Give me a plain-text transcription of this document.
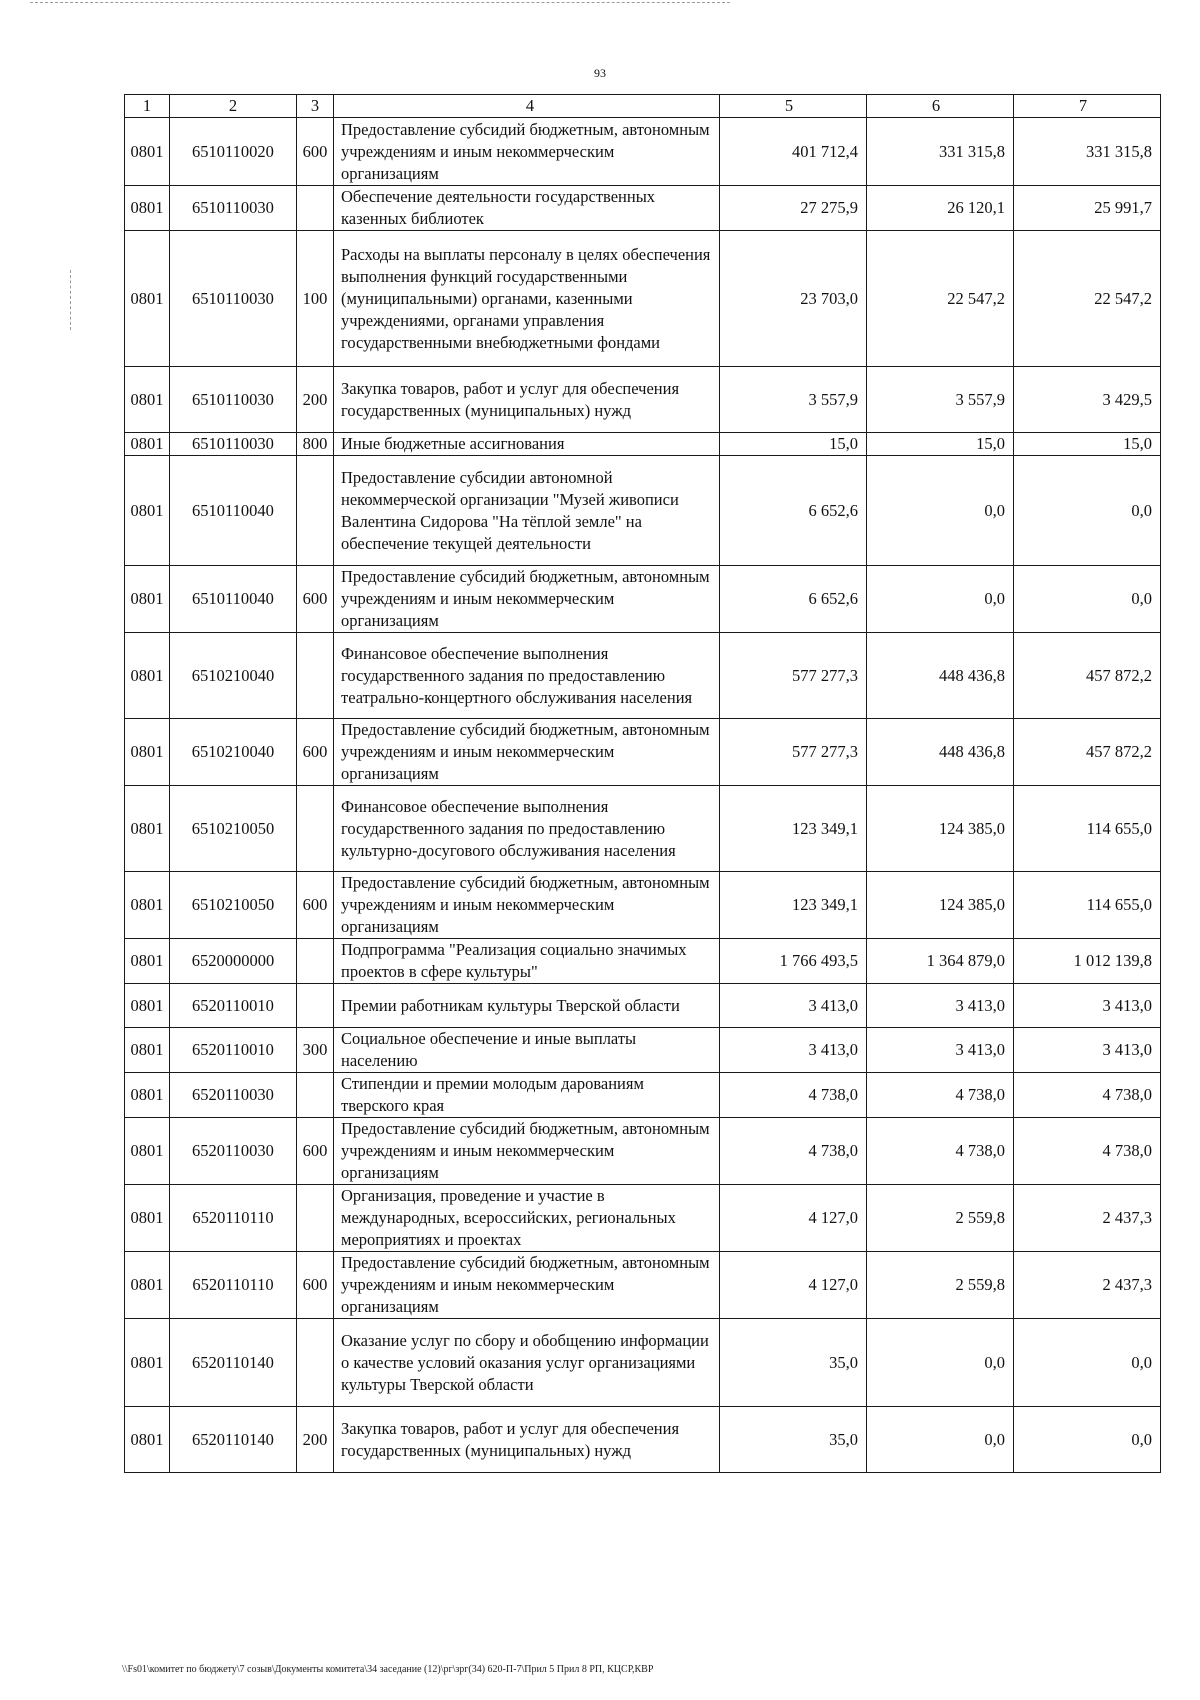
93
1	2	3	4	5	6	7
0801	6510110020	600	Предоставление субсидий бюджетным, автономным учреждениям и иным некоммерческим организациям	401 712,4	331 315,8	331 315,8
0801	6510110030		Обеспечение деятельности государственных казенных библиотек	27 275,9	26 120,1	25 991,7
0801	6510110030	100	Расходы на выплаты персоналу в целях обеспечения выполнения функций государственными (муниципальными) органами, казенными учреждениями, органами управления государственными внебюджетными фондами	23 703,0	22 547,2	22 547,2
0801	6510110030	200	Закупка товаров, работ и услуг для обеспечения государственных (муниципальных) нужд	3 557,9	3 557,9	3 429,5
0801	6510110030	800	Иные бюджетные ассигнования	15,0	15,0	15,0
0801	6510110040		Предоставление субсидии автономной некоммерческой организации "Музей живописи Валентина Сидорова "На тёплой земле" на обеспечение текущей деятельности	6 652,6	0,0	0,0
0801	6510110040	600	Предоставление субсидий бюджетным, автономным учреждениям и иным некоммерческим организациям	6 652,6	0,0	0,0
0801	6510210040		Финансовое обеспечение выполнения государственного задания по предоставлению театрально-концертного обслуживания населения	577 277,3	448 436,8	457 872,2
0801	6510210040	600	Предоставление субсидий бюджетным, автономным учреждениям и иным некоммерческим организациям	577 277,3	448 436,8	457 872,2
0801	6510210050		Финансовое обеспечение выполнения государственного задания по предоставлению культурно-досугового обслуживания населения	123 349,1	124 385,0	114 655,0
0801	6510210050	600	Предоставление субсидий бюджетным, автономным учреждениям и иным некоммерческим организациям	123 349,1	124 385,0	114 655,0
0801	6520000000		Подпрограмма "Реализация социально значимых проектов в сфере культуры"	1 766 493,5	1 364 879,0	1 012 139,8
0801	6520110010		Премии работникам культуры Тверской области	3 413,0	3 413,0	3 413,0
0801	6520110010	300	Социальное обеспечение и иные выплаты населению	3 413,0	3 413,0	3 413,0
0801	6520110030		Стипендии и премии молодым дарованиям тверского края	4 738,0	4 738,0	4 738,0
0801	6520110030	600	Предоставление субсидий бюджетным, автономным учреждениям и иным некоммерческим организациям	4 738,0	4 738,0	4 738,0
0801	6520110110		Организация, проведение и участие в международных, всероссийских, региональных мероприятиях и проектах	4 127,0	2 559,8	2 437,3
0801	6520110110	600	Предоставление субсидий бюджетным, автономным учреждениям и иным некоммерческим организациям	4 127,0	2 559,8	2 437,3
0801	6520110140		Оказание услуг по сбору и обобщению информации о качестве условий оказания услуг организациями культуры Тверской области	35,0	0,0	0,0
0801	6520110140	200	Закупка товаров, работ и услуг для обеспечения государственных (муниципальных) нужд	35,0	0,0	0,0
\\Fs01\комитет по бюджету\7 созыв\Документы комитета\34 заседание (12)\рг\зрг(34) 620-П-7\Прил 5 Прил 8 РП, КЦСР,КВР
